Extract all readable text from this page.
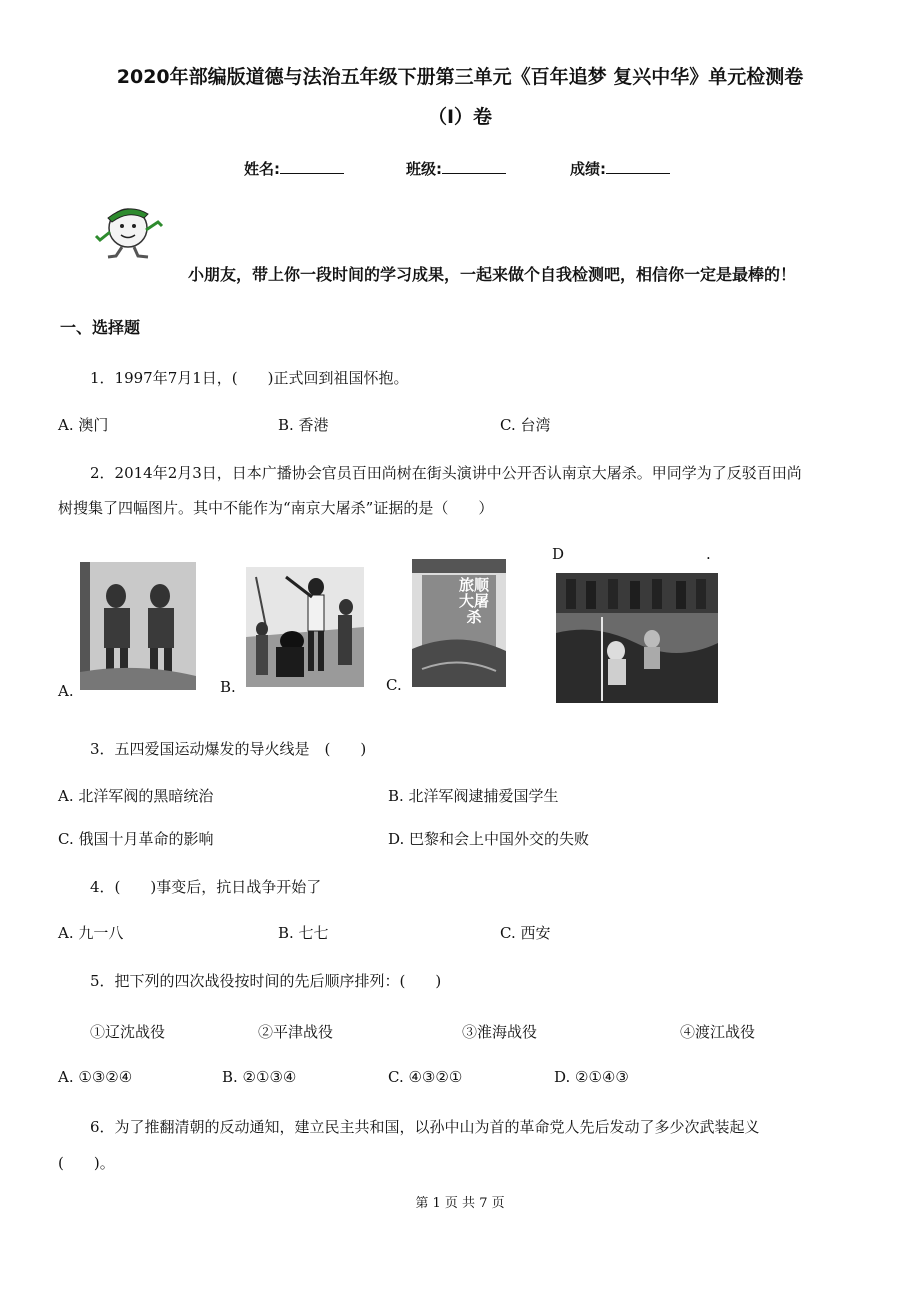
2020年部编版道德与法治五年级下册第三单元《百年追梦 复兴中华》单元检测卷
（I）卷
姓名:	班级:	成绩:
小朋友，带上你一段时间的学习成果，一起来做个自我检测吧，相信你一定是最棒的！
一、选择题
1．1997年7月1日，(　　)正式回到祖国怀抱。
A. 澳门	B. 香港	C. 台湾
2．2014年2月3日，日本广播协会官员百田尚树在街头演讲中公开否认南京大屠杀。甲同学为了反驳百田尚
树搜集了四幅图片。其中不能作为“南京大屠杀”证据的是（　　）
A.	B.	C.
旅顺
大屠
杀
D	.
3．五四爱国运动爆发的导火线是　(　　)
A. 北洋军阀的黑暗统治	B. 北洋军阀逮捕爱国学生
C. 俄国十月革命的影响	D. 巴黎和会上中国外交的失败
4．(　　)事变后，抗日战争开始了
A. 九一八	B. 七七	C. 西安
5．把下列的四次战役按时间的先后顺序排列：(　　)
①辽沈战役	②平津战役	③淮海战役	④渡江战役
A. ①③②④	B. ②①③④	C. ④③②①	D. ②①④③
6．为了推翻清朝的反动通知，建立民主共和国，以孙中山为首的革命党人先后发动了多少次武装起义
(　　)。
第 1 页 共 7 页
